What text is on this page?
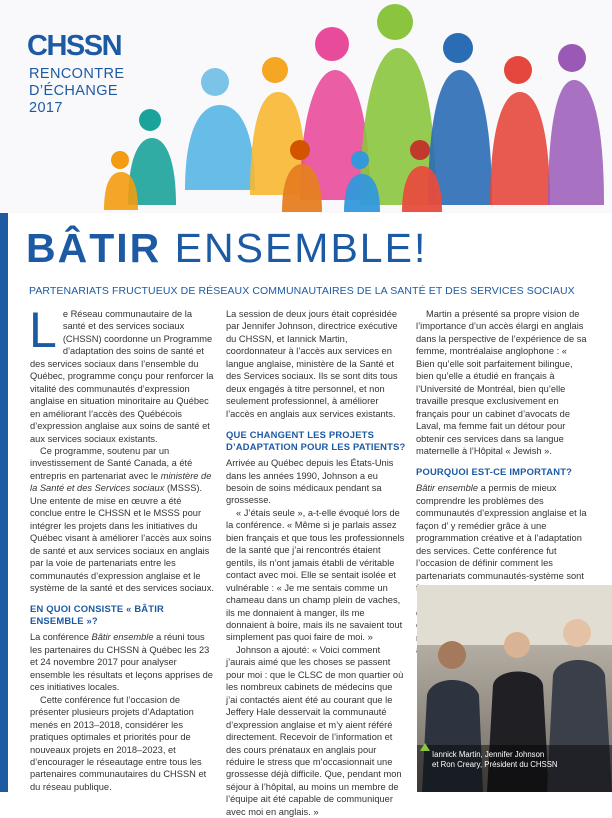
CHSSN
RENCONTRE
D’ÉCHANGE
2017
BÂTIR ENSEMBLE!
PARTENARIATS FRUCTUEUX DE RÉSEAUX COMMUNAUTAIRES DE LA SANTÉ ET DES SERVICES SOCIAUX
L e Réseau communautaire de la santé et des services sociaux (CHSSN) coordonne un Programme d’adaptation des soins de santé et des services sociaux dans l’ensemble du Québec, programme conçu pour renforcer la vitalité des communautés d’expression anglaise en situation minoritaire au Québec en améliorant l’accès des Québécois d’expression anglaise aux soins de santé et aux services sociaux existants.

Ce programme, soutenu par un investissement de Santé Canada, a été entrepris en partenariat avec le ministère de la Santé et des Services sociaux (MSSS). Une entente de mise en œuvre a été conclue entre le CHSSN et le MSSS pour intégrer les projets dans les initiatives du Québec visant à améliorer l’accès aux soins de santé et aux services sociaux en anglais par la voie de partenariats entre les communautés d’expression anglaise et le système de la santé et des services sociaux.

EN QUOI CONSISTE « BÂTIR ENSEMBLE »?

La conférence Bâtir ensemble a réuni tous les partenaires du CHSSN à Québec les 23 et 24 novembre 2017 pour analyser ensemble les résultats et leçons apprises de ces initiatives locales.

Cette conférence fut l’occasion de présenter plusieurs projets d’Adaptation menés en 2013–2018, considérer les pratiques optimales et priorités pour de nouveaux projets en 2018–2023, et d’encourager le réseautage entre tous les partenaires communautaires du CHSSN et du réseau publique.

La session de deux jours était coprésidée par Jennifer Johnson, directrice exécutive du CHSSN, et Iannick Martin, coordonnateur à l’accès aux services en langue anglaise, ministère de la Santé et des Services sociaux. Ils se sont dits tous deux engagés à titre personnel, et non seulement professionnel, à améliorer l’accès en anglais aux services existants.

QUE CHANGENT LES PROJETS D’ADAPTATION POUR LES PATIENTS?

Arrivée au Québec depuis les États-Unis dans les années 1990, Johnson a eu besoin de soins médicaux pendant sa grossesse.

« J’étais seule », a-t-elle évoqué lors de la conférence. « Même si je parlais assez bien français et que tous les professionnels de la santé que j’ai rencontrés étaient gentils, ils n’ont jamais établi de véritable contact avec moi. Elle se sentait isolée et vulnérable : « Je me sentais comme un chameau dans un champ plein de vaches, ils me donnaient à manger, ils me donnaient à boire, mais ils ne savaient tout simplement pas quoi faire de moi. »

Johnson a ajouté: « Voici comment j’aurais aimé que les choses se passent pour moi : que le CLSC de mon quartier où les nombreux cabinets de médecins que j’ai contactés aient été au courant que le Jeffery Hale desservait la communauté d’expression anglaise et m’y aient référé directement. Recevoir de l’information et des cours prénataux en anglais pour réduire le stress que m’occasionnait une grossesse déjà difficile. Que, pendant mon séjour à l’hôpital, au moins un membre de l’équipe ait été capable de communiquer avec moi en anglais. »

Martin a présenté sa propre vision de l’importance d’un accès élargi en anglais dans la perspective de l’expérience de sa femme, montréalaise anglophone : « Bien qu’elle soit parfaitement bilingue, bien qu’elle a étudié en français à l’Université de Montréal, bien qu’elle travaille presque exclusivement en français pour un cabinet d’avocats de Laval, ma femme fait un détour pour obtenir ces services dans sa langue maternelle à l’Hôpital « Jewish ».

POURQUOI EST-CE IMPORTANT?

Bâtir ensemble a permis de mieux comprendre les problèmes des communautés d’expression anglaise et la façon d’ y remédier grâce à une programmation créative et à l’adaptation des services. Cette conférence fut l’occasion de définir comment les partenariats communautés-système sont

Iannick Martin, Jennifer Johnson
et Ron Creary, Président du CHSSN
